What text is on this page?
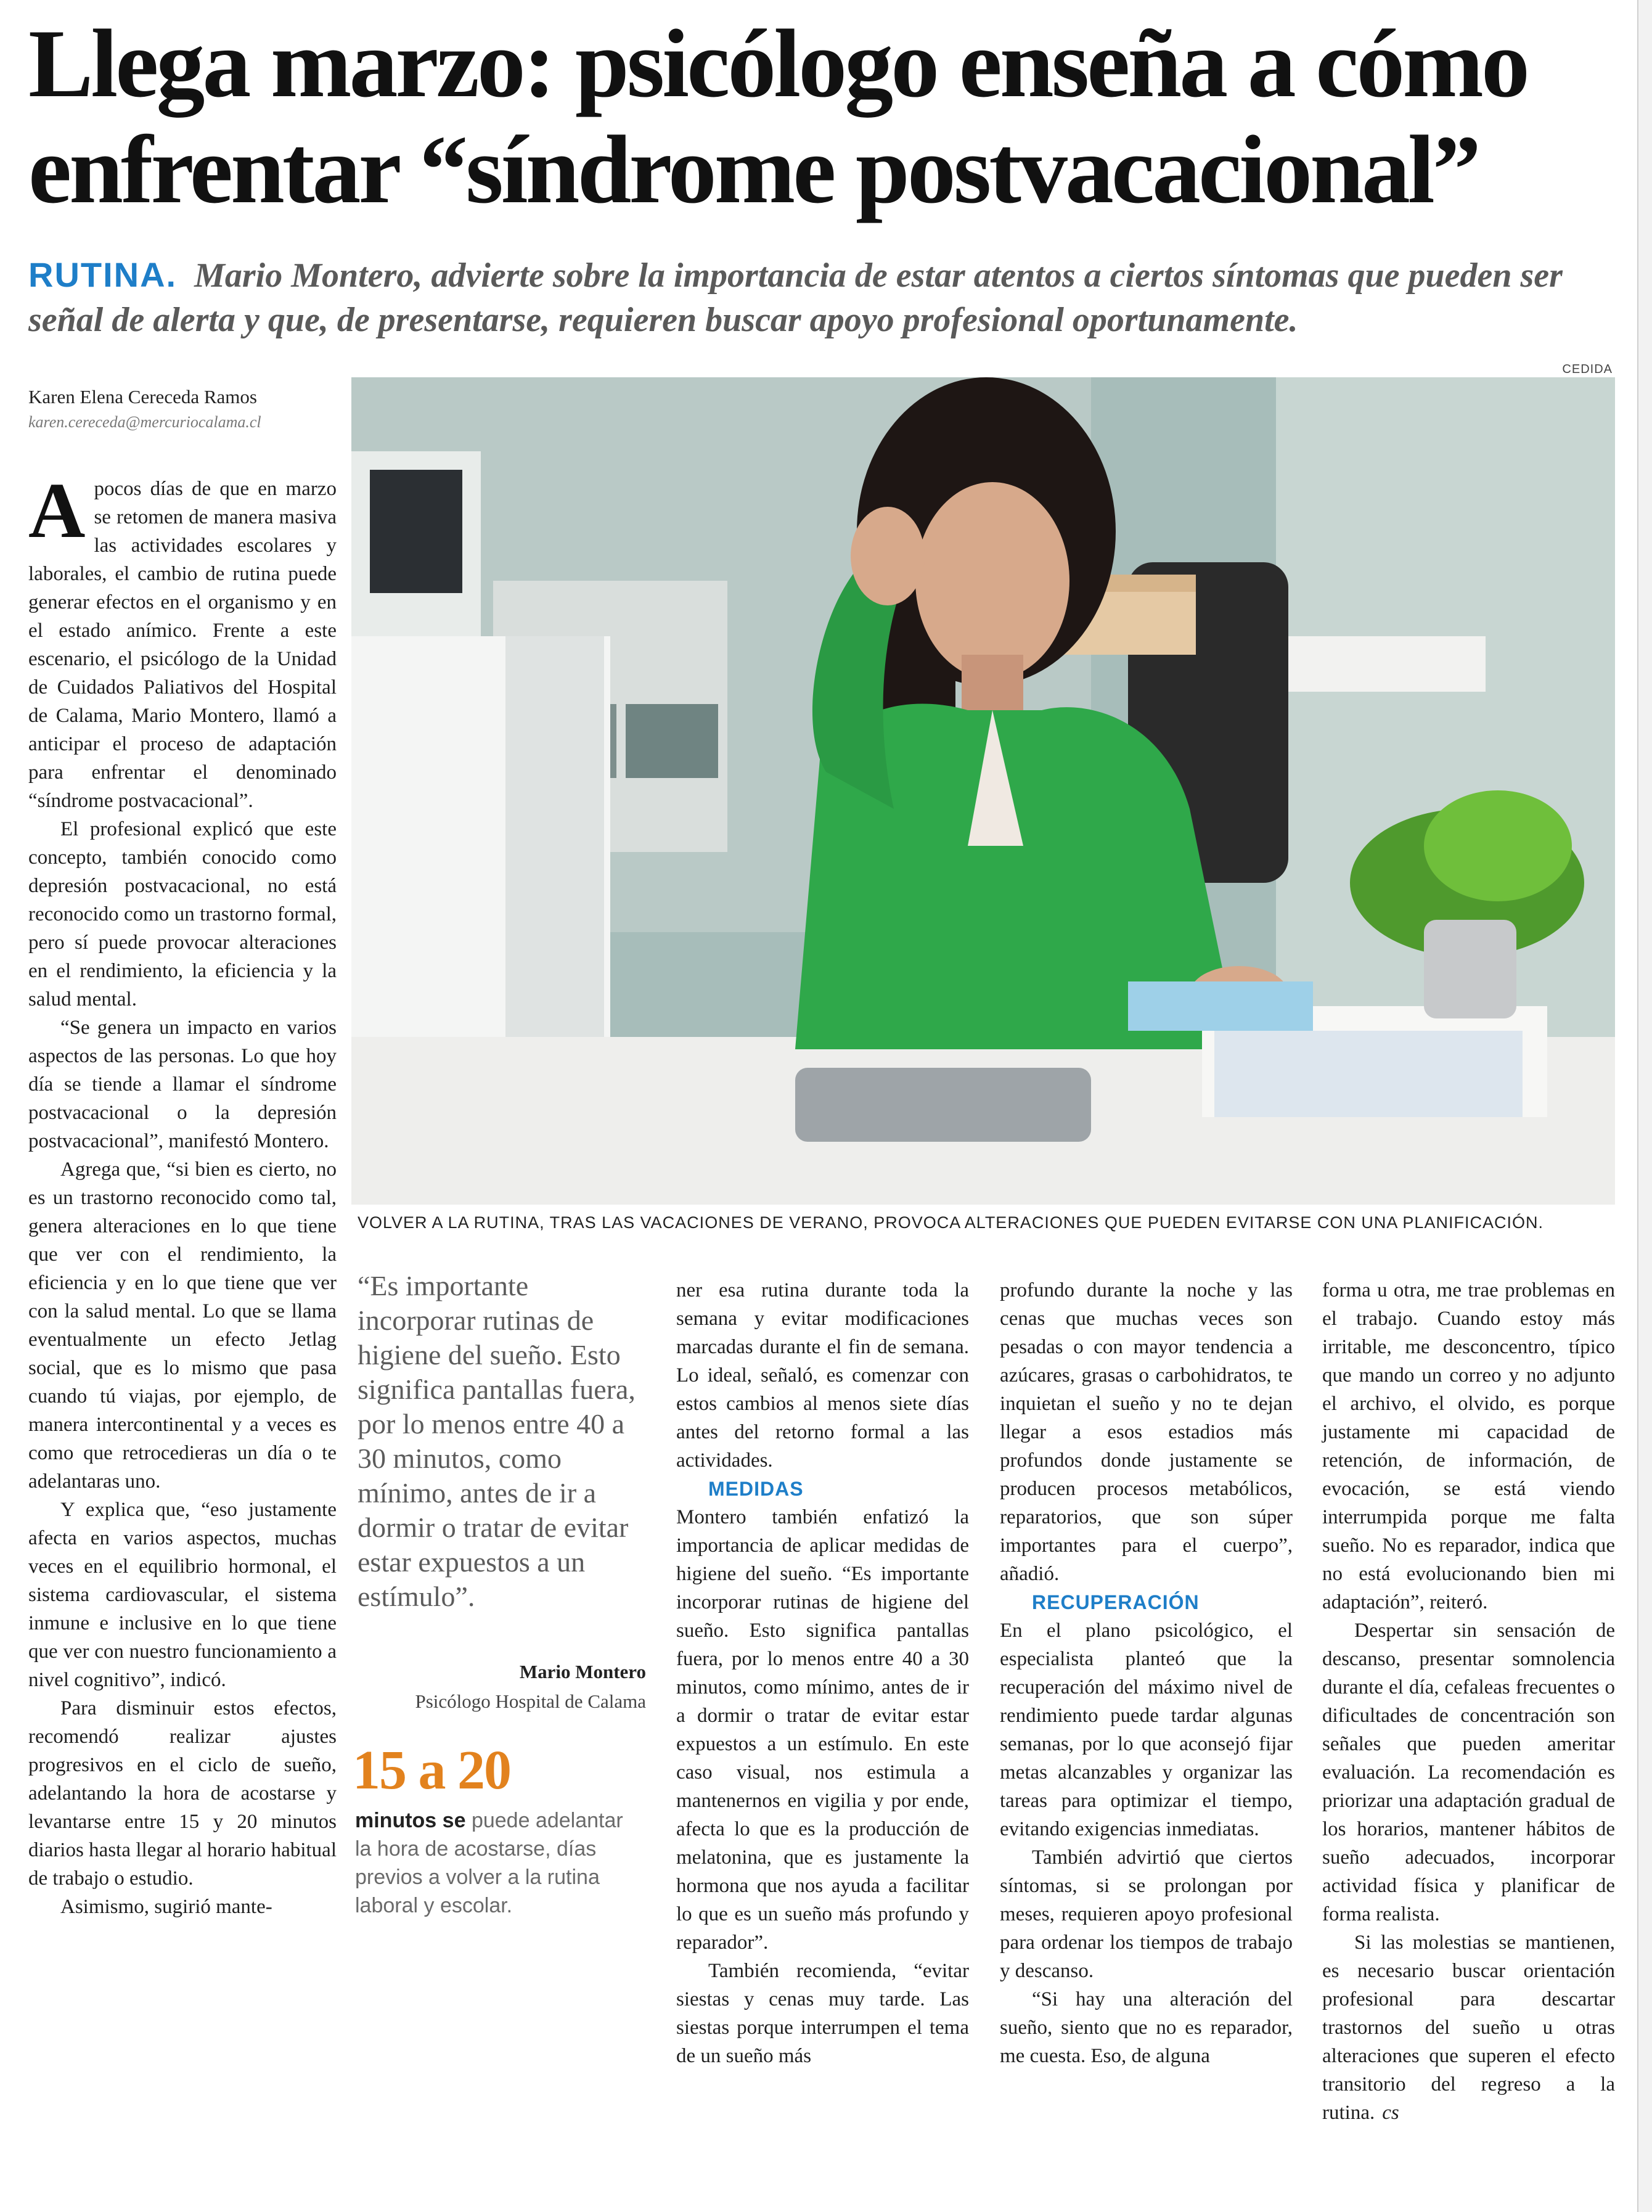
Llega marzo: psicólogo enseña a cómo
enfrentar “síndrome postvacacional”
RUTINA. Mario Montero, advierte sobre la importancia de estar atentos a ciertos síntomas que pueden ser señal de alerta y que, de presentarse, requieren buscar apoyo profesional oportunamente.
Karen Elena Cereceda Ramos
karen.cereceda@mercuriocalama.cl
CEDIDA
VOLVER A LA RUTINA, TRAS LAS VACACIONES DE VERANO, PROVOCA ALTERACIONES QUE PUEDEN EVITARSE CON UNA PLANIFICACIÓN.

Apocos días de que en marzo se retomen de manera masiva las actividades escolares y laborales, el cambio de rutina puede generar efectos en el organismo y en el estado anímico. Frente a este escenario, el psicólogo de la Unidad de Cuidados Paliativos del Hospital de Calama, Mario Montero, llamó a anticipar el proceso de adaptación para enfrentar el denominado “síndrome postvacacional”.

El profesional explicó que este concepto, también conocido como depresión postvacacional, no está reconocido como un trastorno formal, pero sí puede provocar alteraciones en el rendimiento, la eficiencia y la salud mental.

“Se genera un impacto en varios aspectos de las personas. Lo que hoy día se tiende a llamar el síndrome postvacacional o la depresión postvacacional”, manifestó Montero.

Agrega que, “si bien es cierto, no es un trastorno reconocido como tal, genera alteraciones en lo que tiene que ver con el rendimiento, la eficiencia y en lo que tiene que ver con la salud mental. Lo que se llama eventualmente un efecto Jetlag social, que es lo mismo que pasa cuando tú viajas, por ejemplo, de manera intercontinental y a veces es como que retrocedieras un día o te adelantaras uno.

Y explica que, “eso justamente afecta en varios aspectos, muchas veces en el equilibrio hormonal, el sistema cardiovascular, el sistema inmune e inclusive en lo que tiene que ver con nuestro funcionamiento a nivel cognitivo”, indicó.

Para disminuir estos efectos, recomendó realizar ajustes progresivos en el ciclo de sueño, adelantando la hora de acostarse y levantarse entre 15 y 20 minutos diarios hasta llegar al horario habitual de trabajo o estudio.

Asimismo, sugirió mante-

“Es importante incorporar rutinas de higiene del sueño. Esto significa pantallas fuera, por lo menos entre 40 a 30 minutos, como mínimo, antes de ir a dormir o tratar de evitar estar expuestos a un estímulo”.
Mario Montero
Psicólogo Hospital de Calama
15 a 20
minutos se puede adelantar la hora de acostarse, días previos a volver a la rutina laboral y escolar.

ner esa rutina durante toda la semana y evitar modificaciones marcadas durante el fin de semana. Lo ideal, señaló, es comenzar con estos cambios al menos siete días antes del retorno formal a las actividades.

MEDIDAS

Montero también enfatizó la importancia de aplicar medidas de higiene del sueño. “Es importante incorporar rutinas de higiene del sueño. Esto significa pantallas fuera, por lo menos entre 40 a 30 minutos, como mínimo, antes de ir a dormir o tratar de evitar estar expuestos a un estímulo. En este caso visual, nos estimula a mantenernos en vigilia y por ende, afecta lo que es la producción de melatonina, que es justamente la hormona que nos ayuda a facilitar lo que es un sueño más profundo y reparador”.

También recomienda, “evitar siestas y cenas muy tarde. Las siestas porque interrumpen el tema de un sueño más

profundo durante la noche y las cenas que muchas veces son pesadas o con mayor tendencia a azúcares, grasas o carbohidratos, te inquietan el sueño y no te dejan llegar a esos estadios más profundos donde justamente se producen procesos metabólicos, reparatorios, que son súper importantes para el cuerpo”, añadió.

RECUPERACIÓN

En el plano psicológico, el especialista planteó que la recuperación del máximo nivel de rendimiento puede tardar algunas semanas, por lo que aconsejó fijar metas alcanzables y organizar las tareas para optimizar el tiempo, evitando exigencias inmediatas.

También advirtió que ciertos síntomas, si se prolongan por meses, requieren apoyo profesional para ordenar los tiempos de trabajo y descanso.

“Si hay una alteración del sueño, siento que no es reparador, me cuesta. Eso, de alguna

forma u otra, me trae problemas en el trabajo. Cuando estoy más irritable, me desconcentro, típico que mando un correo y no adjunto el archivo, el olvido, es porque justamente mi capacidad de retención, de información, de evocación, se está viendo interrumpida porque me falta sueño. No es reparador, indica que no está evolucionando bien mi adaptación”, reiteró.

Despertar sin sensación de descanso, presentar somnolencia durante el día, cefaleas frecuentes o dificultades de concentración son señales que pueden ameritar evaluación. La recomendación es priorizar una adaptación gradual de los horarios, mantener hábitos de sueño adecuados, incorporar actividad física y planificar de forma realista.

Si las molestias se mantienen, es necesario buscar orientación profesional para descartar trastornos del sueño u otras alteraciones que superen el efecto transitorio del regreso a la rutina. cs
